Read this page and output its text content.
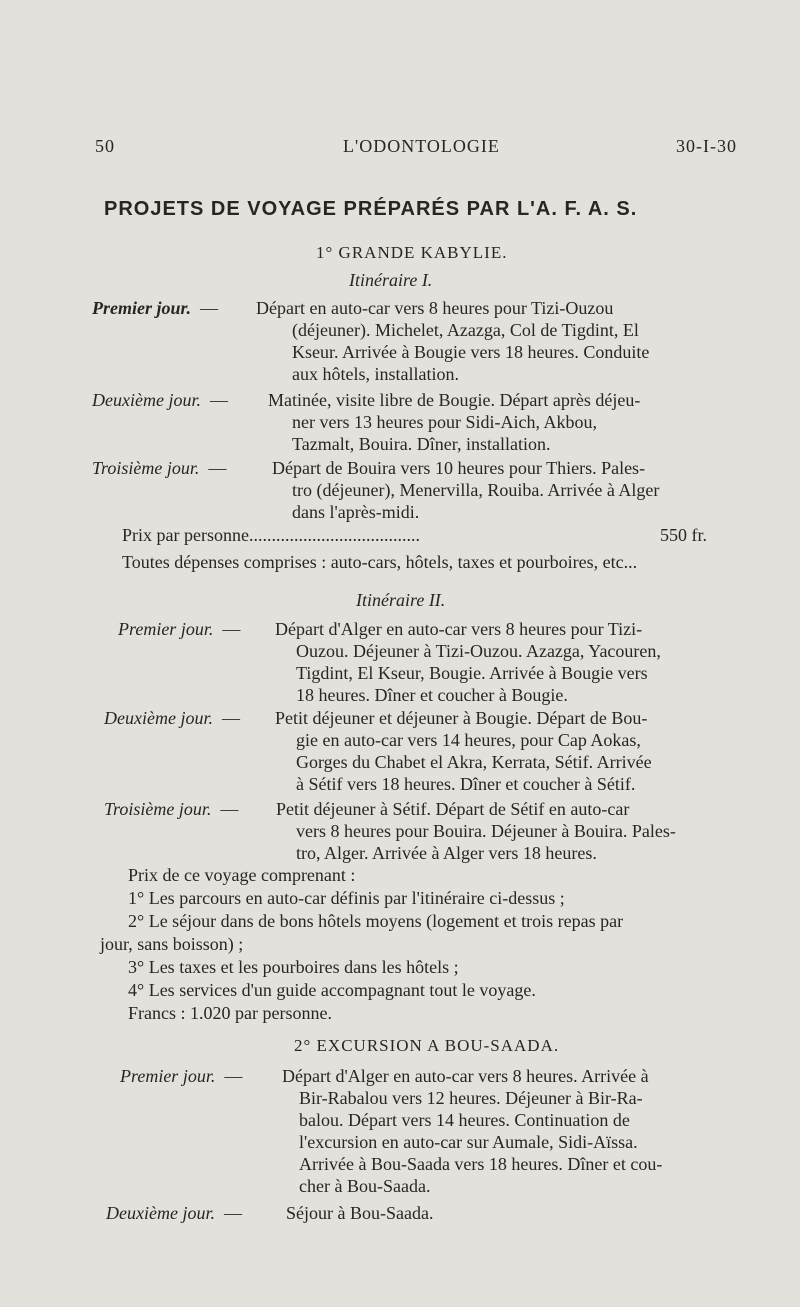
50	L'ODONTOLOGIE	30-I-30
PROJETS DE VOYAGE PRÉPARÉS PAR L'A. F. A. S.
1° GRANDE KABYLIE.
Itinéraire I.
Premier jour. — Départ en auto-car vers 8 heures pour Tizi-Ouzou
(déjeuner). Michelet, Azazga, Col de Tigdint, El
Kseur. Arrivée à Bougie vers 18 heures. Conduite
aux hôtels, installation.
Deuxième jour. — Matinée, visite libre de Bougie. Départ après déjeu-
ner vers 13 heures pour Sidi-Aich, Akbou,
Tazmalt, Bouira. Dîner, installation.
Troisième jour. —	Départ de Bouira vers 10 heures pour Thiers. Pales-
tro (déjeuner), Menervilla, Rouiba. Arrivée à Alger
dans l'après-midi.
Prix par personne......................................	550 fr.
Toutes dépenses comprises : auto-cars, hôtels, taxes et pourboires, etc...
Itinéraire II.
Premier jour. — Départ d'Alger en auto-car vers 8 heures pour Tizi-
Ouzou. Déjeuner à Tizi-Ouzou. Azazga, Yacouren,
Tigdint, El Kseur, Bougie. Arrivée à Bougie vers
18 heures. Dîner et coucher à Bougie.
Deuxième jour. — Petit déjeuner et déjeuner à Bougie. Départ de Bou-
gie en auto-car vers 14 heures, pour Cap Aokas,
Gorges du Chabet el Akra, Kerrata, Sétif. Arrivée
à Sétif vers 18 heures. Dîner et coucher à Sétif.
Troisième jour. — Petit déjeuner à Sétif. Départ de Sétif en auto-car
vers 8 heures pour Bouira. Déjeuner à Bouira. Pales-
tro, Alger. Arrivée à Alger vers 18 heures.
Prix de ce voyage comprenant :
1° Les parcours en auto-car définis par l'itinéraire ci-dessus ;
2° Le séjour dans de bons hôtels moyens (logement et trois repas par
jour, sans boisson) ;
3° Les taxes et les pourboires dans les hôtels ;
4° Les services d'un guide accompagnant tout le voyage.
Francs : 1.020 par personne.
2° EXCURSION A BOU-SAADA.
Premier jour. — Départ d'Alger en auto-car vers 8 heures. Arrivée à
Bir-Rabalou vers 12 heures. Déjeuner à Bir-Ra-
balou. Départ vers 14 heures. Continuation de
l'excursion en auto-car sur Aumale, Sidi-Aïssa.
Arrivée à Bou-Saada vers 18 heures. Dîner et cou-
cher à Bou-Saada.
Deuxième jour. — Séjour à Bou-Saada.
